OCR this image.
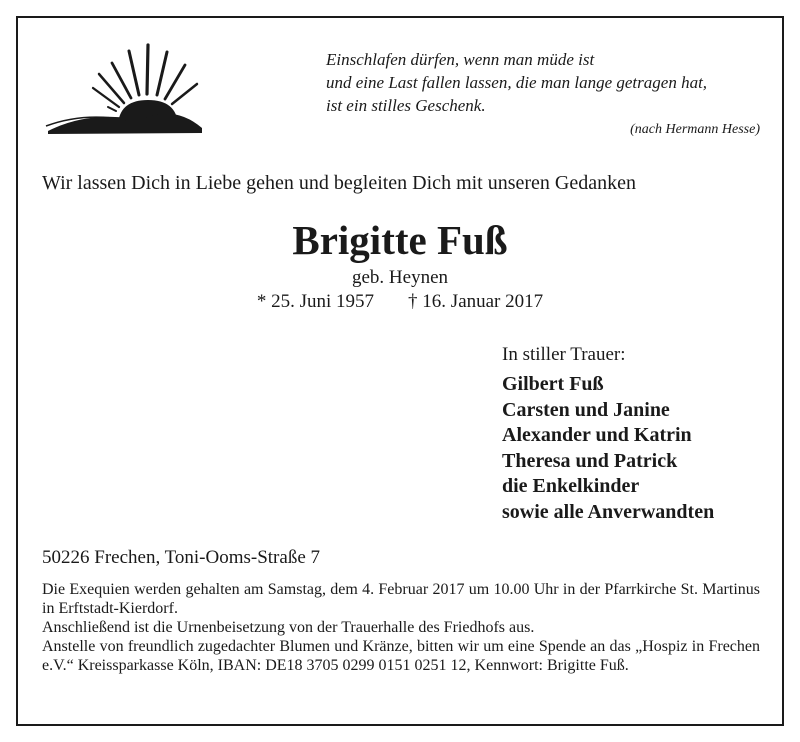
Einschlafen dürfen, wenn man müde ist
und eine Last fallen lassen, die man lange getragen hat,
ist ein stilles Geschenk.
(nach Hermann Hesse)
Wir lassen Dich in Liebe gehen und begleiten Dich mit unseren Gedanken
Brigitte Fuß
geb. Heynen
* 25. Juni 1957 † 16. Januar 2017
In stiller Trauer:
Gilbert Fuß
Carsten und Janine
Alexander und Katrin
Theresa und Patrick
die Enkelkinder
sowie alle Anverwandten
50226 Frechen, Toni-Ooms-Straße 7

Die Exequien werden gehalten am Samstag, dem 4. Februar 2017 um 10.00 Uhr in der Pfarrkirche St. Martinus in Erftstadt-Kierdorf.

Anschließend ist die Urnenbeisetzung von der Trauerhalle des Friedhofs aus.

Anstelle von freundlich zugedachter Blumen und Kränze, bitten wir um eine Spende an das „Hospiz in Frechen e.V.“ Kreissparkasse Köln, IBAN: DE18 3705 0299 0151 0251 12, Kennwort: Brigitte Fuß.
